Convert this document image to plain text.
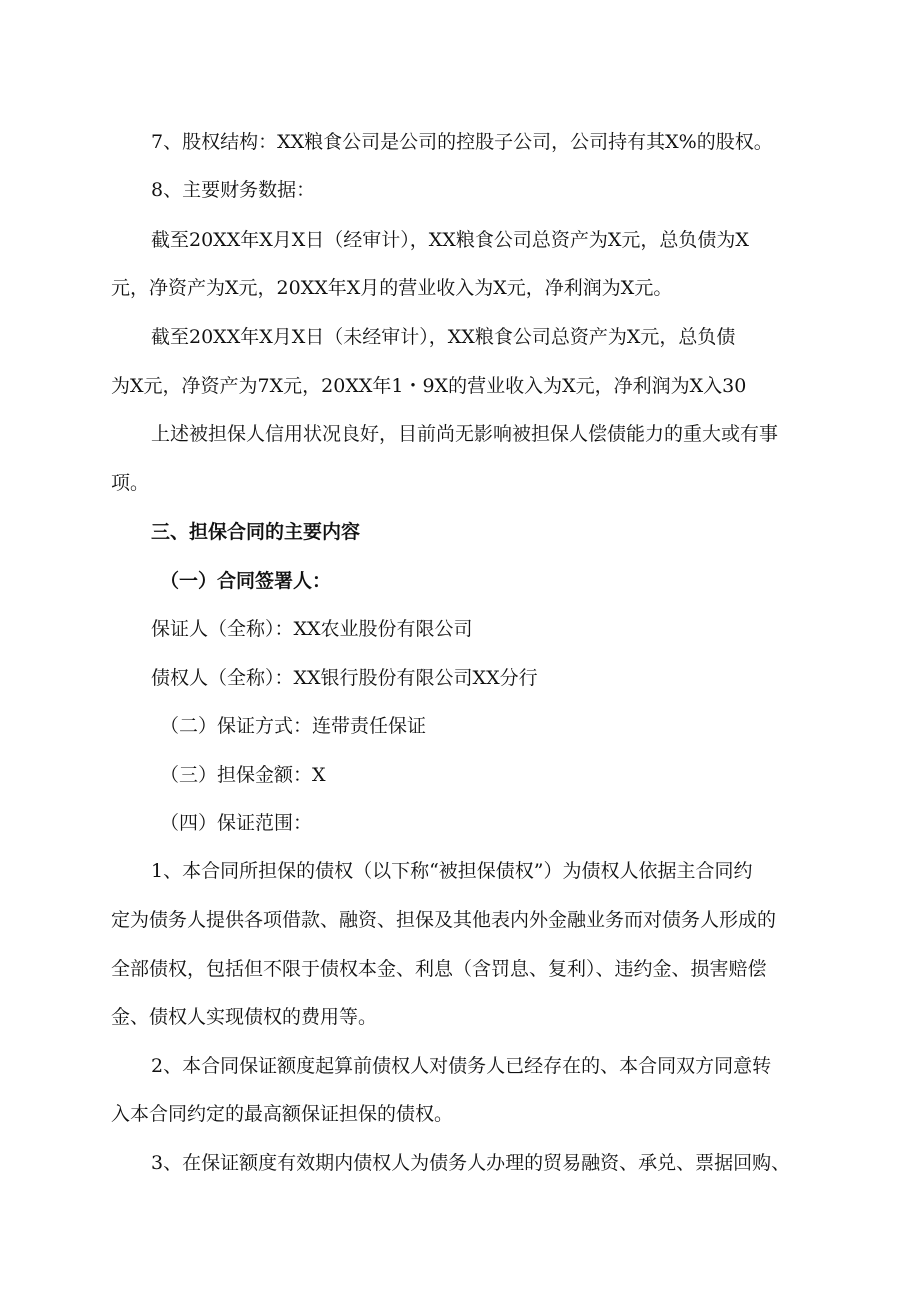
7、股权结构：XX粮食公司是公司的控股子公司，公司持有其X%的股权。
8、主要财务数据：
截至20XX年X月X日（经审计），XX粮食公司总资产为X元，总负债为X
元，净资产为X元，20XX年X月的营业收入为X元，净利润为X元。
截至20XX年X月X日（未经审计），XX粮食公司总资产为X元，总负债
为X元，净资产为7X元，20XX年1・9X的营业收入为X元，净利润为X入30
上述被担保人信用状况良好，目前尚无影响被担保人偿债能力的重大或有事
项。
三、担保合同的主要内容
（一）合同签署人：
保证人（全称）：XX农业股份有限公司
债权人（全称）：XX银行股份有限公司XX分行
（二）保证方式：连带责任保证
（三）担保金额：X
（四）保证范围：
1、本合同所担保的债权（以下称“被担保债权”）为债权人依据主合同约
定为债务人提供各项借款、融资、担保及其他表内外金融业务而对债务人形成的
全部债权，包括但不限于债权本金、利息（含罚息、复利）、违约金、损害赔偿
金、债权人实现债权的费用等。
2、本合同保证额度起算前债权人对债务人已经存在的、本合同双方同意转
入本合同约定的最高额保证担保的债权。
3、在保证额度有效期内债权人为债务人办理的贸易融资、承兑、票据回购、
